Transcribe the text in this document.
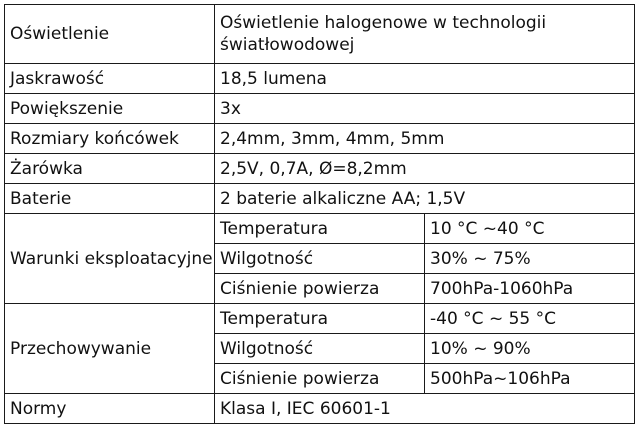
Oświetlenie	Oświetlenie halogenowe w technologii światłowodowej	
Jaskrawość	18,5 lumena	
Powiększenie	3x	
Rozmiary końcówek	2,4mm, 3mm, 4mm, 5mm	
Żarówka	2,5V, 0,7A, Ø=8,2mm	
Baterie	2 baterie alkaliczne AA; 1,5V	
Warunki eksploatacyjne	Temperatura	10 °C ~40 °C
	Wilgotność	30% ~ 75%
	Ciśnienie powierza	700hPa-1060hPa
Przechowywanie	Temperatura	-40 °C ~ 55 °C
	Wilgotność	10% ~ 90%
	Ciśnienie powierza	500hPa~106hPa
Normy	Klasa I, IEC 60601-1	
